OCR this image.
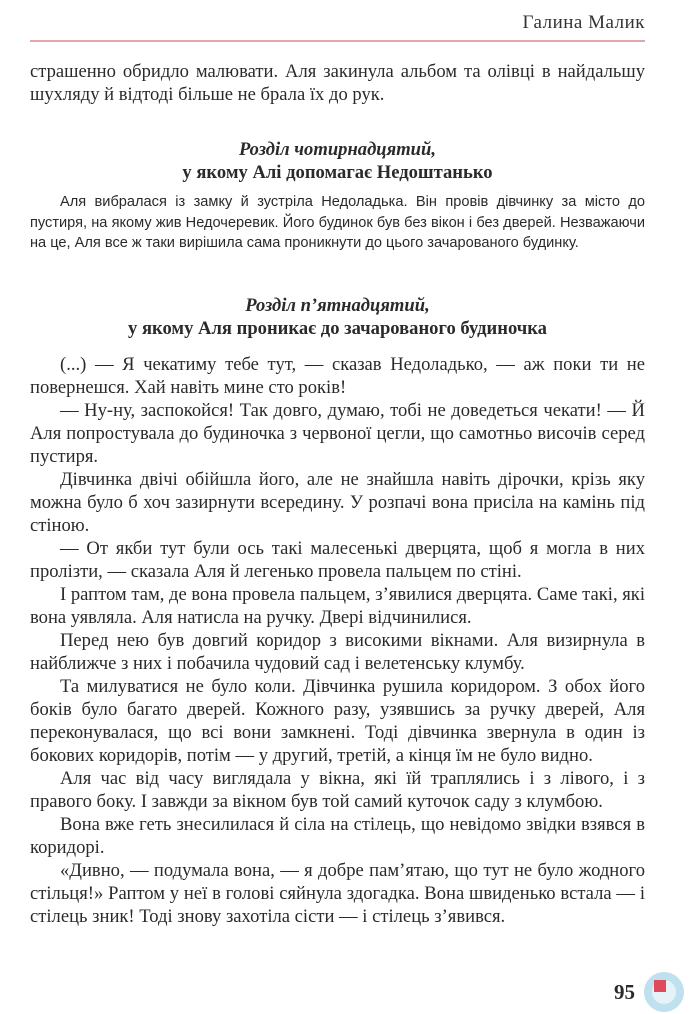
Галина Малик

страшенно обридло малювати. Аля закинула альбом та олівці в найдальшу шухляду й відтоді більше не брала їх до рук.

Розділ чотирнадцятий,
у якому Алі допомагає Недоштанько

Аля вибралася із замку й зустріла Недоладька. Він провів дівчинку за місто до пустиря, на якому жив Недочеревик. Його будинок був без вікон і без дверей. Незважаючи на це, Аля все ж таки вирішила сама проникнути до цього зачарованого будинку.

Розділ п’ятнадцятий,
у якому Аля проникає до зачарованого будиночка

(...) — Я чекатиму тебе тут, — сказав Недоладько, — аж поки ти не повернешся. Хай навіть мине сто років!

— Ну-ну, заспокойся! Так довго, думаю, тобі не доведеться чекати! — Й Аля попростувала до будиночка з червоної цегли, що самотньо височів серед пустиря.

Дівчинка двічі обійшла його, але не знайшла навіть дірочки, крізь яку можна було б хоч зазирнути всередину. У розпачі вона присіла на камінь під стіною.

— От якби тут були ось такі малесенькі дверцята, щоб я могла в них пролізти, — сказала Аля й легенько провела пальцем по стіні.

І раптом там, де вона провела пальцем, з’явилися дверцята. Саме такі, які вона уявляла. Аля натисла на ручку. Двері відчинилися.

Перед нею був довгий коридор з високими вікнами. Аля визирнула в найближче з них і побачила чудовий сад і велетенську клумбу.

Та милуватися не було коли. Дівчинка рушила коридором. З обох його боків було багато дверей. Кожного разу, узявшись за ручку дверей, Аля переконувалася, що всі вони замкнені. Тоді дівчинка звернула в один із бокових коридорів, потім — у другий, третій, а кінця їм не було видно.

Аля час від часу виглядала у вікна, які їй траплялись і з лівого, і з правого боку. І завжди за вікном був той самий куточок саду з клумбою.

Вона вже геть знесилилася й сіла на стілець, що невідомо звідки взявся в коридорі.

«Дивно, — подумала вона, — я добре пам’ятаю, що тут не було жодного стільця!» Раптом у неї в голові сяйнула здогадка. Вона швиденько встала — і стілець зник! Тоді знову захотіла сісти — і стілець з’явився.

95
